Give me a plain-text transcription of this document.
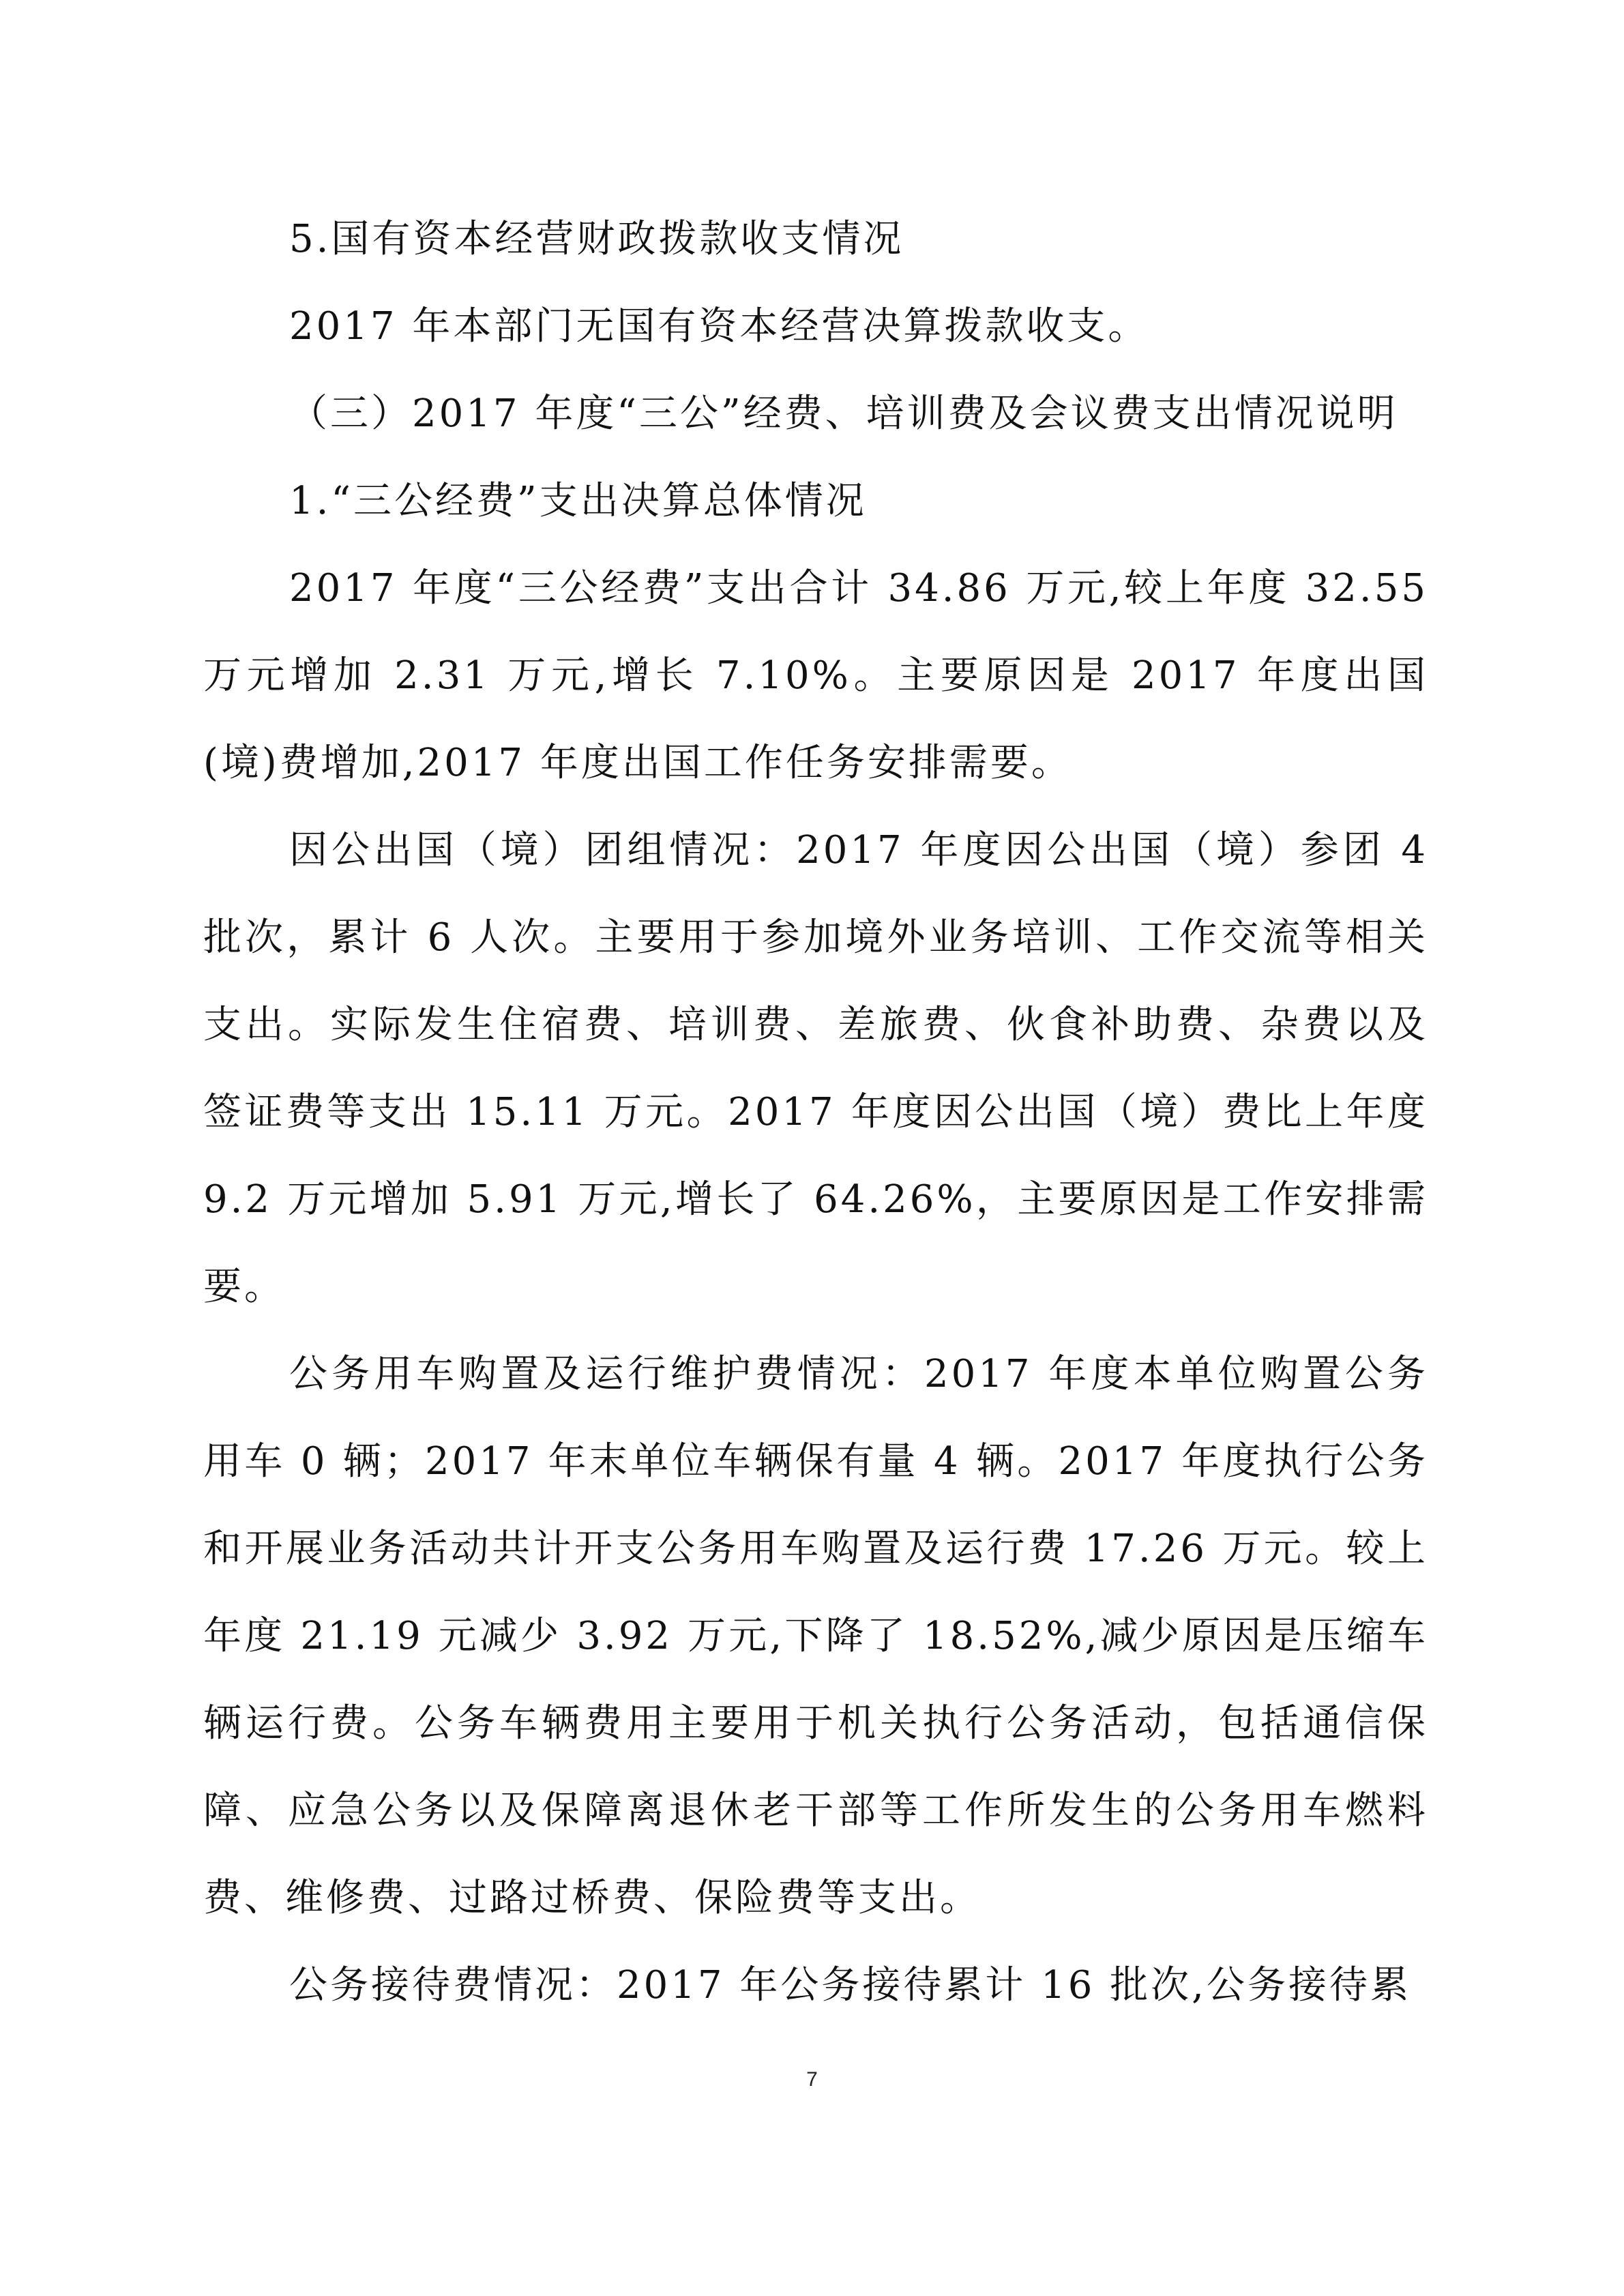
5.国有资本经营财政拨款收支情况

2017 年本部门无国有资本经营决算拨款收支。

（三）2017 年度“三公”经费、培训费及会议费支出情况说明

1.“三公经费”支出决算总体情况

2017 年度“三公经费”支出合计 34.86 万元,较上年度 32.55 万元增加 2.31 万元,增长 7.10%。主要原因是 2017 年度出国(境)费增加,2017 年度出国工作任务安排需要。

因公出国（境）团组情况：2017 年度因公出国（境）参团 4 批次，累计 6 人次。主要用于参加境外业务培训、工作交流等相关支出。实际发生住宿费、培训费、差旅费、伙食补助费、杂费以及签证费等支出 15.11 万元。2017 年度因公出国（境）费比上年度 9.2 万元增加 5.91 万元,增长了 64.26%，主要原因是工作安排需要。

公务用车购置及运行维护费情况：2017 年度本单位购置公务用车 0 辆；2017 年末单位车辆保有量 4 辆。2017 年度执行公务和开展业务活动共计开支公务用车购置及运行费 17.26 万元。较上年度 21.19 元减少 3.92 万元,下降了 18.52%,减少原因是压缩车辆运行费。公务车辆费用主要用于机关执行公务活动，包括通信保障、应急公务以及保障离退休老干部等工作所发生的公务用车燃料费、维修费、过路过桥费、保险费等支出。

公务接待费情况：2017 年公务接待累计 16 批次,公务接待累

7
